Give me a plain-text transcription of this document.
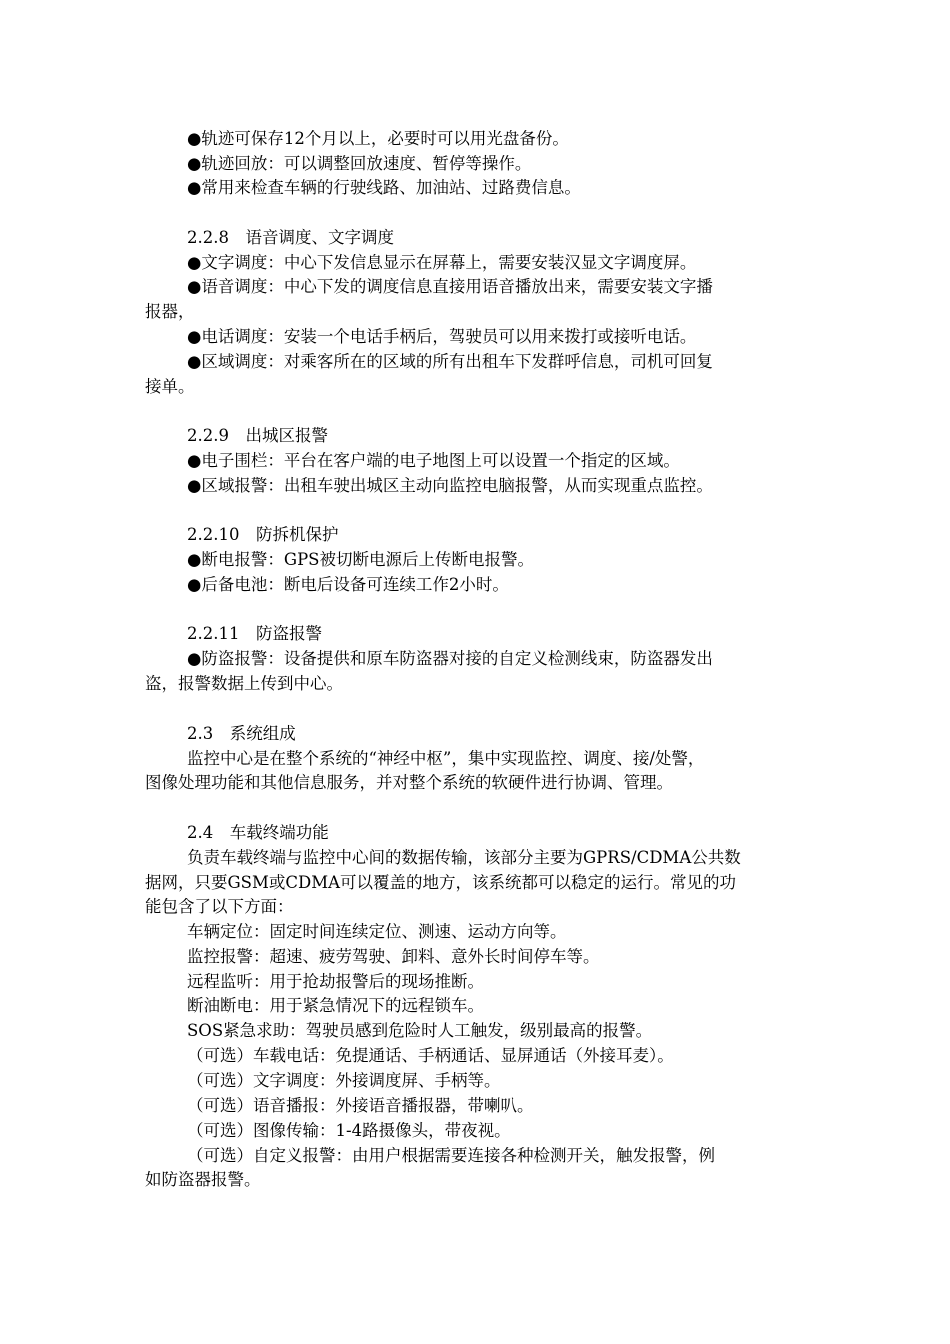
●轨迹可保存12个月以上，必要时可以用光盘备份。
●轨迹回放：可以调整回放速度、暂停等操作。
●常用来检查车辆的行驶线路、加油站、过路费信息。
2.2.8　语音调度、文字调度
●文字调度：中心下发信息显示在屏幕上，需要安装汉显文字调度屏。
●语音调度：中心下发的调度信息直接用语音播放出来，需要安装文字播
报器，
●电话调度：安装一个电话手柄后，驾驶员可以用来拨打或接听电话。
●区域调度：对乘客所在的区域的所有出租车下发群呼信息，司机可回复
接单。
2.2.9　出城区报警
●电子围栏：平台在客户端的电子地图上可以设置一个指定的区域。
●区域报警：出租车驶出城区主动向监控电脑报警，从而实现重点监控。
2.2.10　防拆机保护
●断电报警：GPS被切断电源后上传断电报警。
●后备电池：断电后设备可连续工作2小时。
2.2.11　防盗报警
●防盗报警：设备提供和原车防盗器对接的自定义检测线束，防盗器发出
盗，报警数据上传到中心。
2.3　系统组成
监控中心是在整个系统的“神经中枢”，集中实现监控、调度、接/处警，
图像处理功能和其他信息服务，并对整个系统的软硬件进行协调、管理。
2.4　车载终端功能
负责车载终端与监控中心间的数据传输，该部分主要为GPRS/CDMA公共数
据网，只要GSM或CDMA可以覆盖的地方，该系统都可以稳定的运行。常见的功
能包含了以下方面：
车辆定位：固定时间连续定位、测速、运动方向等。
监控报警：超速、疲劳驾驶、卸料、意外长时间停车等。
远程监听：用于抢劫报警后的现场推断。
断油断电：用于紧急情况下的远程锁车。
SOS紧急求助：驾驶员感到危险时人工触发，级别最高的报警。
（可选）车载电话：免提通话、手柄通话、显屏通话（外接耳麦）。
（可选）文字调度：外接调度屏、手柄等。
（可选）语音播报：外接语音播报器，带喇叭。
（可选）图像传输：1-4路摄像头，带夜视。
（可选）自定义报警：由用户根据需要连接各种检测开关，触发报警，例
如防盗器报警。
